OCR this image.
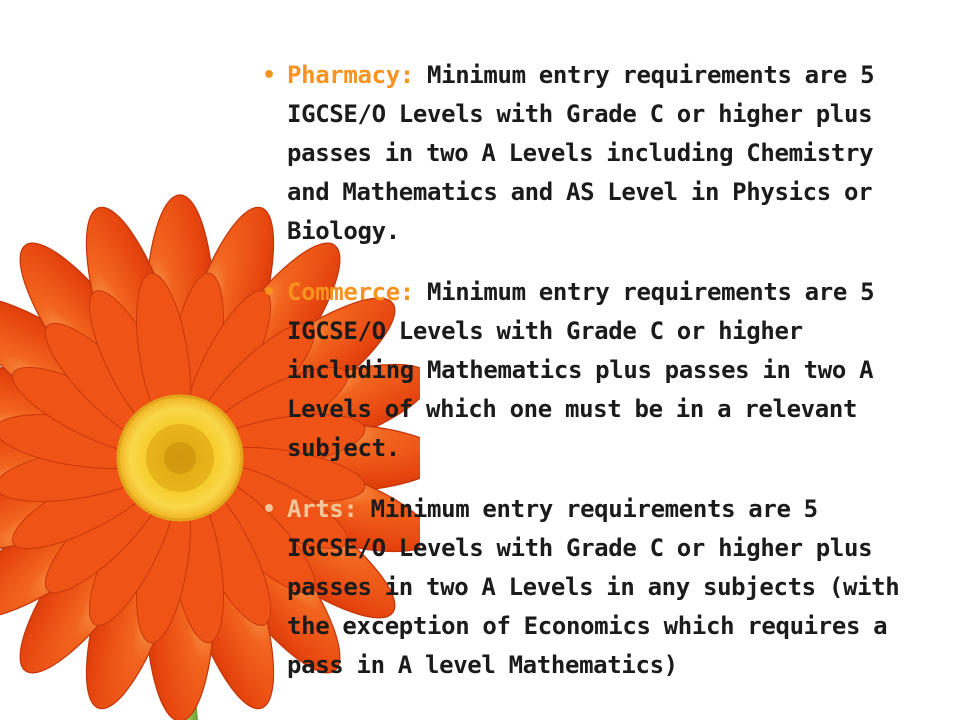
• Pharmacy: Minimum entry requirements are 5 IGCSE/O Levels with Grade C or higher plus passes in two A Levels including Chemistry and Mathematics and AS Level in Physics or Biology.
• Commerce: Minimum entry requirements are 5 IGCSE/O Levels with Grade C or higher including Mathematics plus passes in two A Levels of which one must be in a relevant subject.
• Arts: Minimum entry requirements are 5 IGCSE/O Levels with Grade C or higher plus passes in two A Levels in any subjects (with the exception of Economics which requires a pass in A level Mathematics)
